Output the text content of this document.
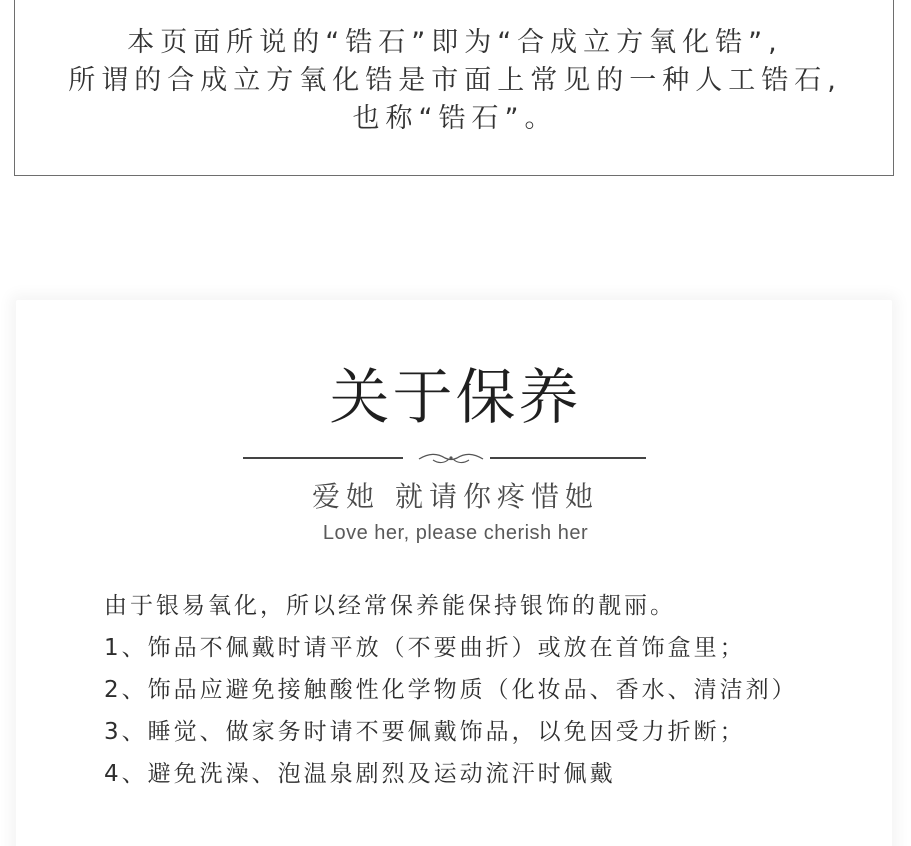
本页面所说的“锆石”即为“合成立方氧化锆”,
所谓的合成立方氧化锆是市面上常见的一种人工锆石,
也称“锆石”。
关于保养
爱她 就请你疼惜她
Love her, please cherish her

由于银易氧化，所以经常保养能保持银饰的靓丽。

1、饰品不佩戴时请平放（不要曲折）或放在首饰盒里；

2、饰品应避免接触酸性化学物质（化妆品、香水、清洁剂）

3、睡觉、做家务时请不要佩戴饰品，以免因受力折断；

4、避免洗澡、泡温泉剧烈及运动流汗时佩戴
